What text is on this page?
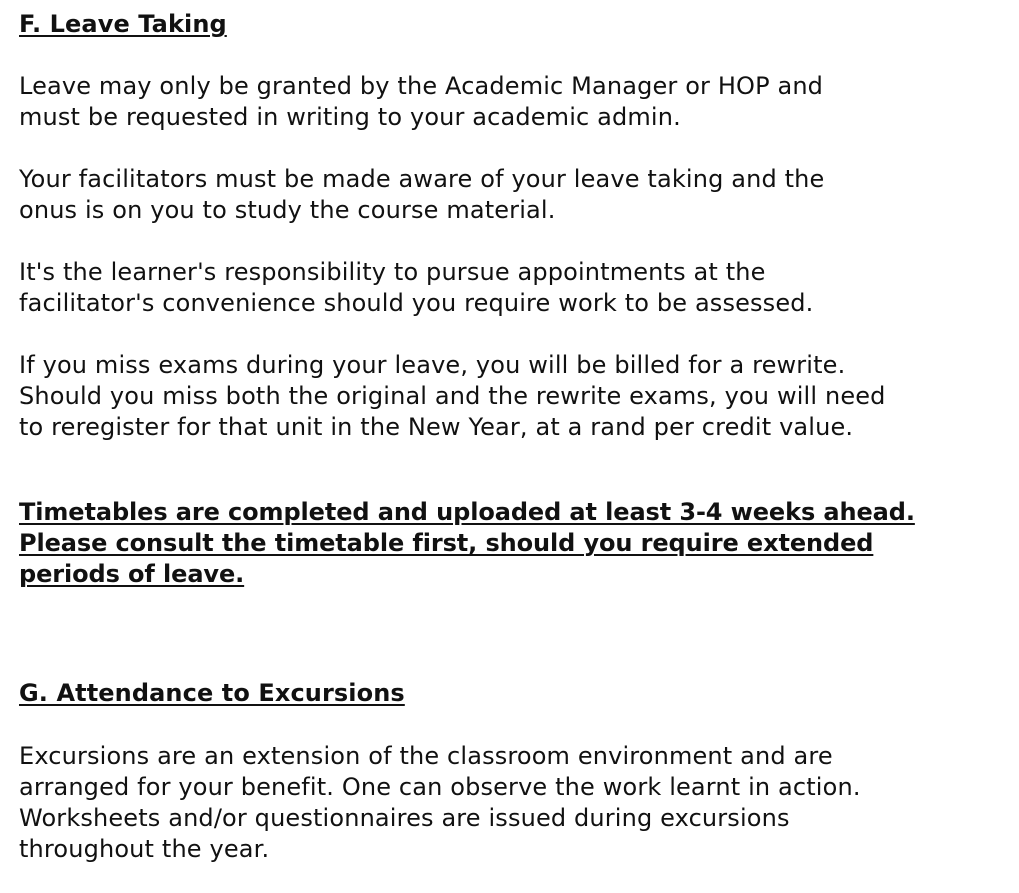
F. Leave Taking

Leave may only be granted by the Academic Manager or HOP and
must be requested in writing to your academic admin.

Your facilitators must be made aware of your leave taking and the
onus is on you to study the course material.

It's the learner's responsibility to pursue appointments at the
facilitator's convenience should you require work to be assessed.

If you miss exams during your leave, you will be billed for a rewrite.
Should you miss both the original and the rewrite exams, you will need
to reregister for that unit in the New Year, at a rand per credit value.

Timetables are completed and uploaded at least 3-4 weeks ahead.
Please consult the timetable first, should you require extended
periods of leave.

G. Attendance to Excursions

Excursions are an extension of the classroom environment and are
arranged for your benefit. One can observe the work learnt in action.
Worksheets and/or questionnaires are issued during excursions
throughout the year.
